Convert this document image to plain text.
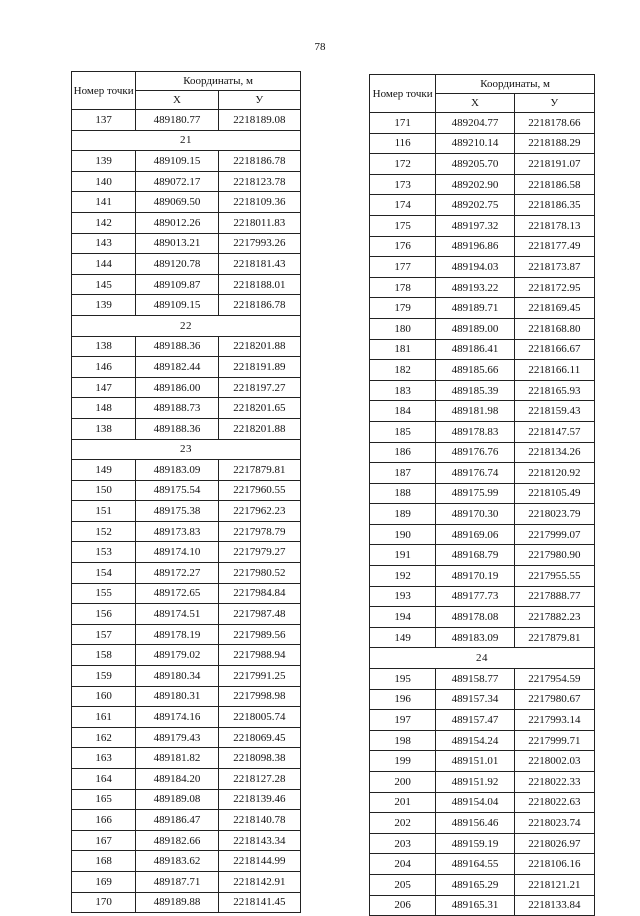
78
Номер точки	Координаты, м	
	Х	У
137	489180.77	2218189.08
21		
139	489109.15	2218186.78
140	489072.17	2218123.78
141	489069.50	2218109.36
142	489012.26	2218011.83
143	489013.21	2217993.26
144	489120.78	2218181.43
145	489109.87	2218188.01
139	489109.15	2218186.78
22		
138	489188.36	2218201.88
146	489182.44	2218191.89
147	489186.00	2218197.27
148	489188.73	2218201.65
138	489188.36	2218201.88
23		
149	489183.09	2217879.81
150	489175.54	2217960.55
151	489175.38	2217962.23
152	489173.83	2217978.79
153	489174.10	2217979.27
154	489172.27	2217980.52
155	489172.65	2217984.84
156	489174.51	2217987.48
157	489178.19	2217989.56
158	489179.02	2217988.94
159	489180.34	2217991.25
160	489180.31	2217998.98
161	489174.16	2218005.74
162	489179.43	2218069.45
163	489181.82	2218098.38
164	489184.20	2218127.28
165	489189.08	2218139.46
166	489186.47	2218140.78
167	489182.66	2218143.34
168	489183.62	2218144.99
169	489187.71	2218142.91
170	489189.88	2218141.45
Номер точки	Координаты, м	
	Х	У
171	489204.77	2218178.66
116	489210.14	2218188.29
172	489205.70	2218191.07
173	489202.90	2218186.58
174	489202.75	2218186.35
175	489197.32	2218178.13
176	489196.86	2218177.49
177	489194.03	2218173.87
178	489193.22	2218172.95
179	489189.71	2218169.45
180	489189.00	2218168.80
181	489186.41	2218166.67
182	489185.66	2218166.11
183	489185.39	2218165.93
184	489181.98	2218159.43
185	489178.83	2218147.57
186	489176.76	2218134.26
187	489176.74	2218120.92
188	489175.99	2218105.49
189	489170.30	2218023.79
190	489169.06	2217999.07
191	489168.79	2217980.90
192	489170.19	2217955.55
193	489177.73	2217888.77
194	489178.08	2217882.23
149	489183.09	2217879.81
24		
195	489158.77	2217954.59
196	489157.34	2217980.67
197	489157.47	2217993.14
198	489154.24	2217999.71
199	489151.01	2218002.03
200	489151.92	2218022.33
201	489154.04	2218022.63
202	489156.46	2218023.74
203	489159.19	2218026.97
204	489164.55	2218106.16
205	489165.29	2218121.21
206	489165.31	2218133.84
